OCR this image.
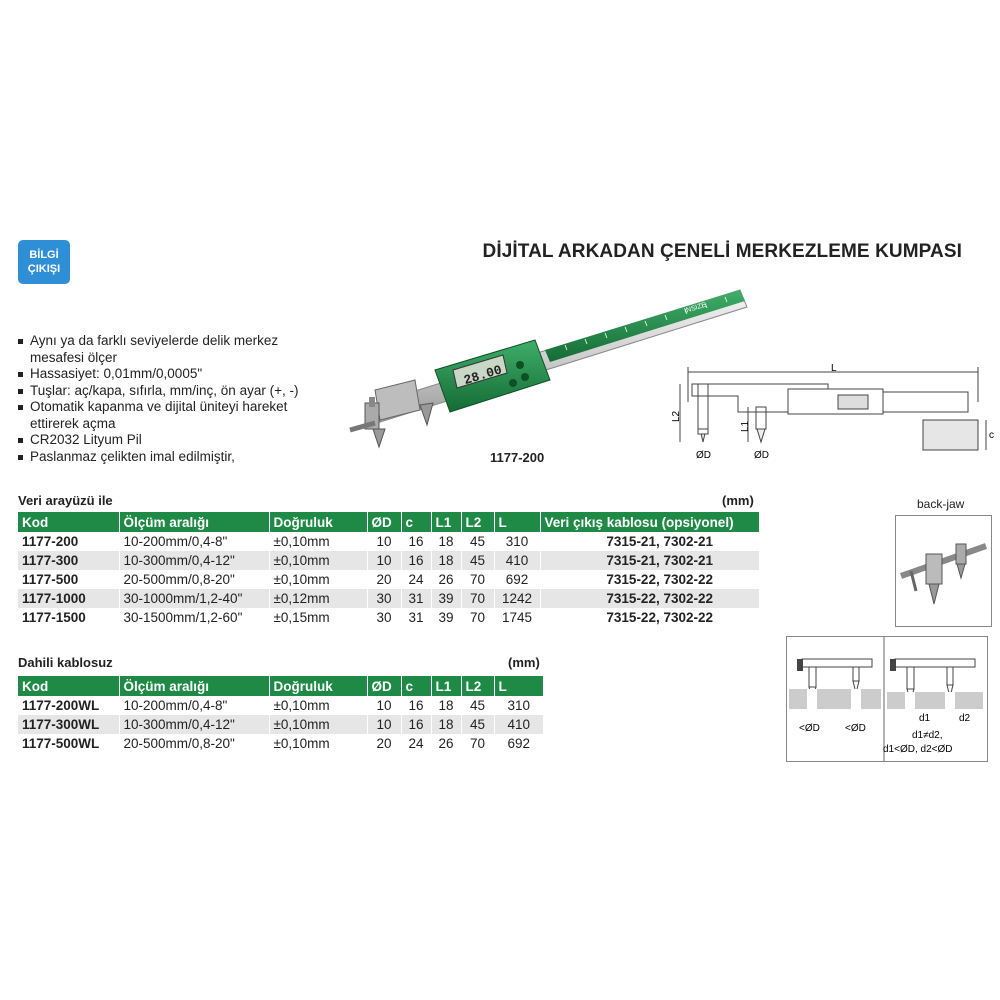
BİLGİ
ÇIKIŞI
DİJİTAL ARKADAN ÇENELİ MERKEZLEME KUMPASI
Aynı ya da farklı seviyelerde delik merkez mesafesi ölçer
Hassasiyet: 0,01mm/0,0005"
Tuşlar: aç/kapa, sıfırla, mm/inç, ön ayar (+, -)
Otomatik kapanma ve dijital üniteyi hareket ettirerek açma
CR2032 Lityum Pil
Paslanmaz çelikten imal edilmiştir,
28.00
INSIZE
1177-200
L
L2
L1
ØD	ØD
c
back-jaw
<ØD	<ØD
d1	d2
d1≠d2,
d1<ØD, d2<ØD
Veri arayüzü ile	(mm)
Kod	Ölçüm aralığı	Doğruluk	ØD	c	L1	L2	L	Veri çıkış kablosu (opsiyonel)
1177-200	10-200mm/0,4-8"	±0,10mm	10	16	18	45	310	7315-21, 7302-21
1177-300	10-300mm/0,4-12"	±0,10mm	10	16	18	45	410	7315-21, 7302-21
1177-500	20-500mm/0,8-20"	±0,10mm	20	24	26	70	692	7315-22, 7302-22
1177-1000	30-1000mm/1,2-40"	±0,12mm	30	31	39	70	1242	7315-22, 7302-22
1177-1500	30-1500mm/1,2-60"	±0,15mm	30	31	39	70	1745	7315-22, 7302-22
Dahili kablosuz	(mm)
Kod	Ölçüm aralığı	Doğruluk	ØD	c	L1	L2	L
1177-200WL	10-200mm/0,4-8"	±0,10mm	10	16	18	45	310
1177-300WL	10-300mm/0,4-12"	±0,10mm	10	16	18	45	410
1177-500WL	20-500mm/0,8-20"	±0,10mm	20	24	26	70	692
